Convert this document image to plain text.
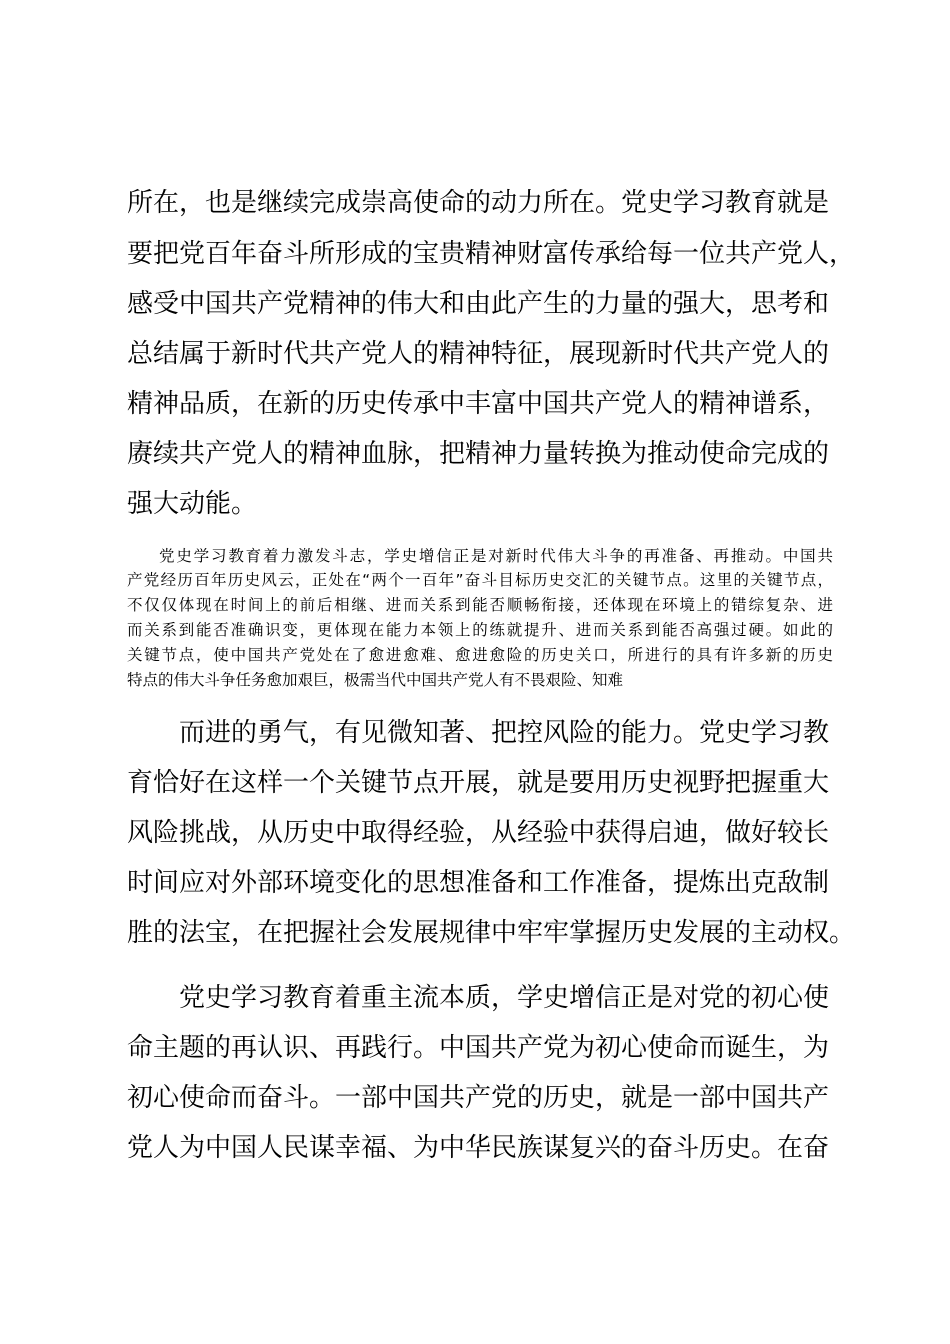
所在，也是继续完成崇高使命的动力所在。党史学习教育就是
要把党百年奋斗所形成的宝贵精神财富传承给每一位共产党人，
感受中国共产党精神的伟大和由此产生的力量的强大，思考和
总结属于新时代共产党人的精神特征，展现新时代共产党人的
精神品质，在新的历史传承中丰富中国共产党人的精神谱系，
赓续共产党人的精神血脉，把精神力量转换为推动使命完成的
强大动能。
党史学习教育着力激发斗志，学史增信正是对新时代伟大斗争的再准备、再推动。中国共
产党经历百年历史风云，正处在“两个一百年”奋斗目标历史交汇的关键节点。这里的关键节点，
不仅仅体现在时间上的前后相继、进而关系到能否顺畅衔接，还体现在环境上的错综复杂、进
而关系到能否准确识变，更体现在能力本领上的练就提升、进而关系到能否高强过硬。如此的
关键节点，使中国共产党处在了愈进愈难、愈进愈险的历史关口，所进行的具有许多新的历史
特点的伟大斗争任务愈加艰巨，极需当代中国共产党人有不畏艰险、知难
而进的勇气，有见微知著、把控风险的能力。党史学习教
育恰好在这样一个关键节点开展，就是要用历史视野把握重大
风险挑战，从历史中取得经验，从经验中获得启迪，做好较长
时间应对外部环境变化的思想准备和工作准备，提炼出克敌制
胜的法宝，在把握社会发展规律中牢牢掌握历史发展的主动权。
党史学习教育着重主流本质，学史增信正是对党的初心使
命主题的再认识、再践行。中国共产党为初心使命而诞生，为
初心使命而奋斗。一部中国共产党的历史，就是一部中国共产
党人为中国人民谋幸福、为中华民族谋复兴的奋斗历史。在奋
